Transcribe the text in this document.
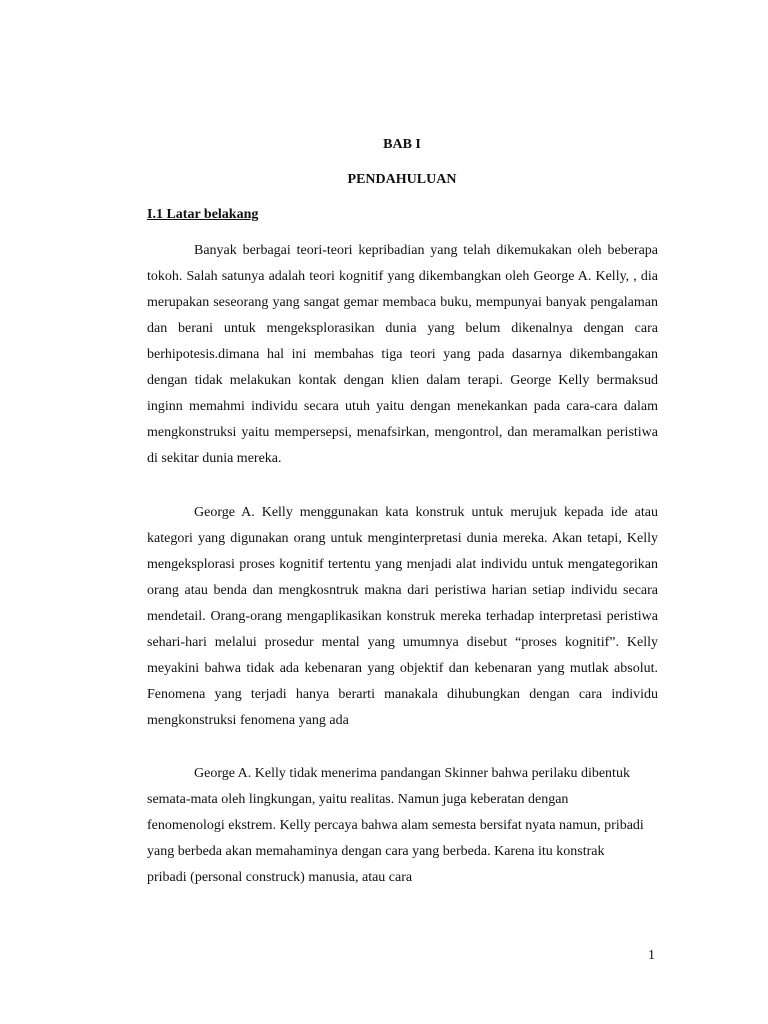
BAB I
PENDAHULUAN
I.1 Latar belakang

Banyak berbagai teori-teori kepribadian yang telah dikemukakan oleh beberapa tokoh. Salah satunya adalah teori kognitif yang dikembangkan oleh George A. Kelly, , dia merupakan seseorang yang sangat gemar membaca buku, mempunyai banyak pengalaman dan berani untuk mengeksplorasikan dunia yang belum dikenalnya dengan cara berhipotesis.dimana hal ini membahas tiga teori yang pada dasarnya dikembangakan dengan tidak melakukan kontak dengan klien dalam terapi. George Kelly bermaksud inginn memahmi individu secara utuh yaitu dengan menekankan pada cara-cara dalam mengkonstruksi yaitu mempersepsi, menafsirkan, mengontrol, dan meramalkan peristiwa di sekitar dunia mereka.

George A. Kelly menggunakan kata konstruk untuk merujuk kepada ide atau kategori yang digunakan orang untuk menginterpretasi dunia mereka. Akan tetapi, Kelly mengeksplorasi proses kognitif tertentu yang menjadi alat individu untuk mengategorikan orang atau benda dan mengkosntruk makna dari peristiwa harian setiap individu secara mendetail. Orang-orang mengaplikasikan konstruk mereka terhadap interpretasi peristiwa sehari-hari melalui prosedur mental yang umumnya disebut “proses kognitif”. Kelly meyakini bahwa tidak ada kebenaran yang objektif dan kebenaran yang mutlak absolut. Fenomena yang terjadi hanya berarti manakala dihubungkan dengan cara individu mengkonstruksi fenomena yang ada

George A. Kelly tidak menerima pandangan Skinner bahwa perilaku dibentuk semata-mata oleh lingkungan, yaitu realitas. Namun juga keberatan dengan fenomenologi ekstrem. Kelly percaya bahwa alam semesta bersifat nyata namun, pribadi yang berbeda akan memahaminya dengan cara yang berbeda. Karena itu konstrak pribadi (personal construck) manusia, atau cara

1
